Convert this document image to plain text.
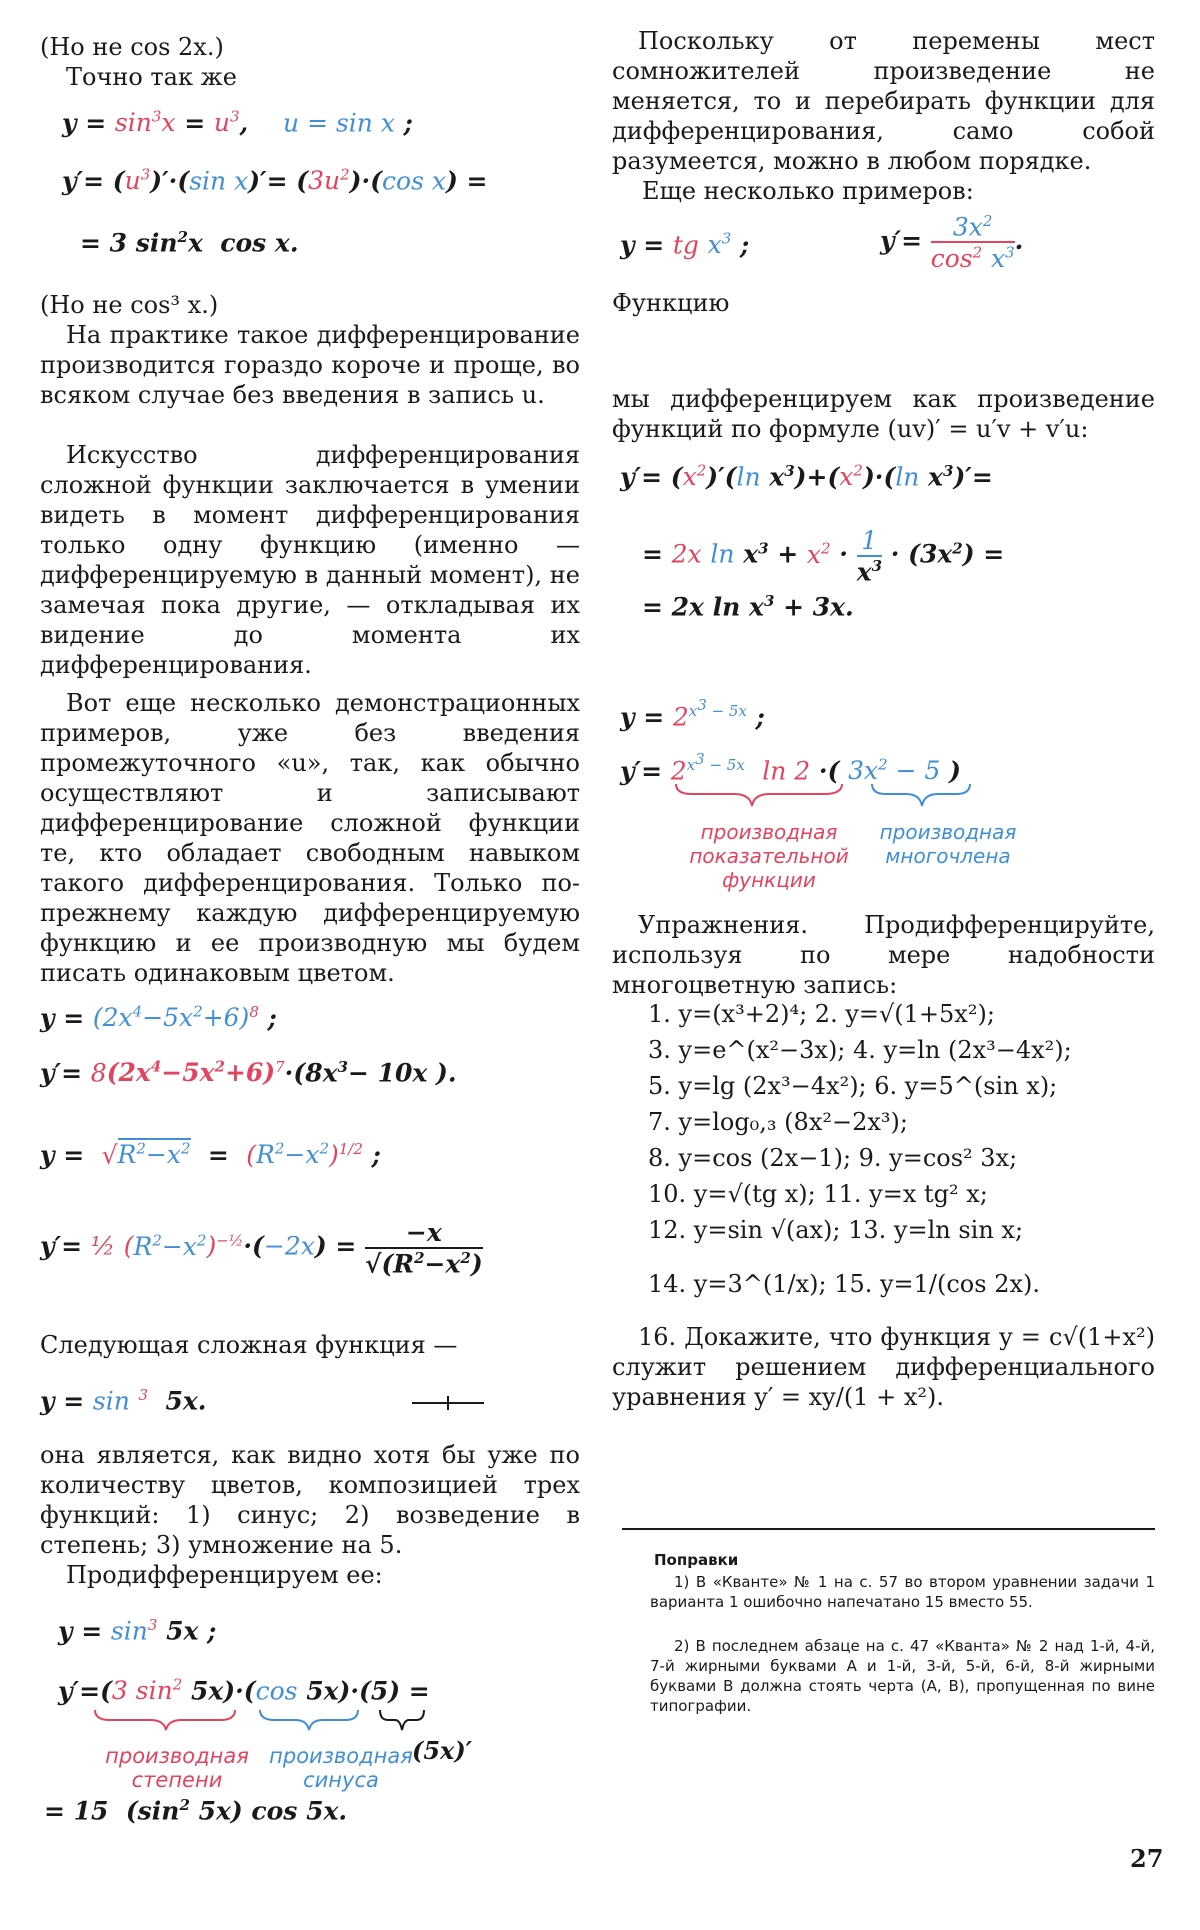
(Но не cos 2x.)

Точно так же

$y = \sin^3x = u^3$,    u = sin x ;
$y'= (u^3)'\cdot(\sin$ $x)'= (3u^2)\cdot(\cos$ x) =
= 3 $\sin^2x$  cos x.

(Но не cos³ x.)

На практике такое дифференцирование производится гораздо короче и проще, во всяком случае без введения в запись u.

Искусство дифференцирования сложной функции заключается в умении видеть в момент дифференцирования только одну функцию (именно — дифференцируемую в данный момент), не замечая пока другие, — откладывая их видение до момента их дифференцирования.

Вот еще несколько демонстрационных примеров, уже без введения промежуточного «u», так, как обычно осуществляют и записывают дифференцирование сложной функции те, кто обладает свободным навыком такого дифференцирования. Только по-прежнему каждую дифференцируемую функцию и ее производную мы будем писать одинаковым цветом.

$y = (2x^4-5x^2+6)^8$ ;
$y'= 8(2x^4-5x^2+6)^7\cdot(8x^3- 10x$ ).
$y = √R^2-x^2 = (R^2-x^2)^{1/2}$ ;
y′= ½ $(R^2-x^2)^{-\frac{1}{2}}\cdot(-2x) = \frac{-x}{√(R^2-x^2)}$

Следующая сложная функция —

y = sin $^3$  5x.

она является, как видно хотя бы уже по количеству цветов, композицией трех функций: 1) синус; 2) возведение в степень; 3) умножение на 5.

Продифференцируем ее:

$y = \sin^3 5x$ ;
y′=(3 $\sin^2 5x)\cdot(\cos$ 5x)·(5) =
производная степени
производная синуса
(5x)′
= 15  ($\sin^2$ 5x) cos 5x.

Поскольку от перемены мест сомножителей произведение не меняется, то и перебирать функции для дифференцирования, само собой разумеется, можно в любом порядке.

Еще несколько примеров:

y = tg $x^3$ ;	$y'= \frac{3x^2}{\cos^2 x^3}$ .

Функцию

мы дифференцируем как произведение функций по формуле (uv)′ = u′v + v′u:

$y'= (x^2)'(\ln$ $x^3)+(x^2)\cdot(\ln$ $x^3)'=$
= 2x $\ln x^3 + x^2 \cdot \frac{1}{x^3} \cdot (3x^2)$ =
= 2x $\ln x^3 + 3x$.
$y = 2^{x^3 - 5x}$ ;
$y'= 2^{x^3 - 5x}$ ln 2 ·( $3x^2 - 5$ )
производная показательной функции
производная многочлена

Упражнения. Продифференцируйте, используя по мере надобности многоцветную запись:

1. y=(x³+2)⁴; 2. y=√(1+5x²);
3. y=e^(x²−3x); 4. y=ln (2x³−4x²);
5. y=lg (2x³−4x²); 6. y=5^(sin x);
7. y=log₀,₃ (8x²−2x³);
8. y=cos (2x−1); 9. y=cos² 3x;
10. y=√(tg x); 11. y=x tg² x;
12. y=sin √(ax); 13. y=ln sin x;
14. y=3^(1/x); 15. y=1/(cos 2x).

16. Докажите, что функция y = c√(1+x²) служит решением дифференциального уравнения y′ = xy/(1 + x²).

Поправки

1) В «Кванте» № 1 на с. 57 во втором уравнении задачи 1 варианта 1 ошибочно напечатано 15 вместо 55.

2) В последнем абзаце на с. 47 «Кванта» № 2 над 1-й, 4-й, 7-й жирными буквами A и 1-й, 3-й, 5-й, 6-й, 8-й жирными буквами B должна стоять черта (A, B), пропущенная по вине типографии.

27
